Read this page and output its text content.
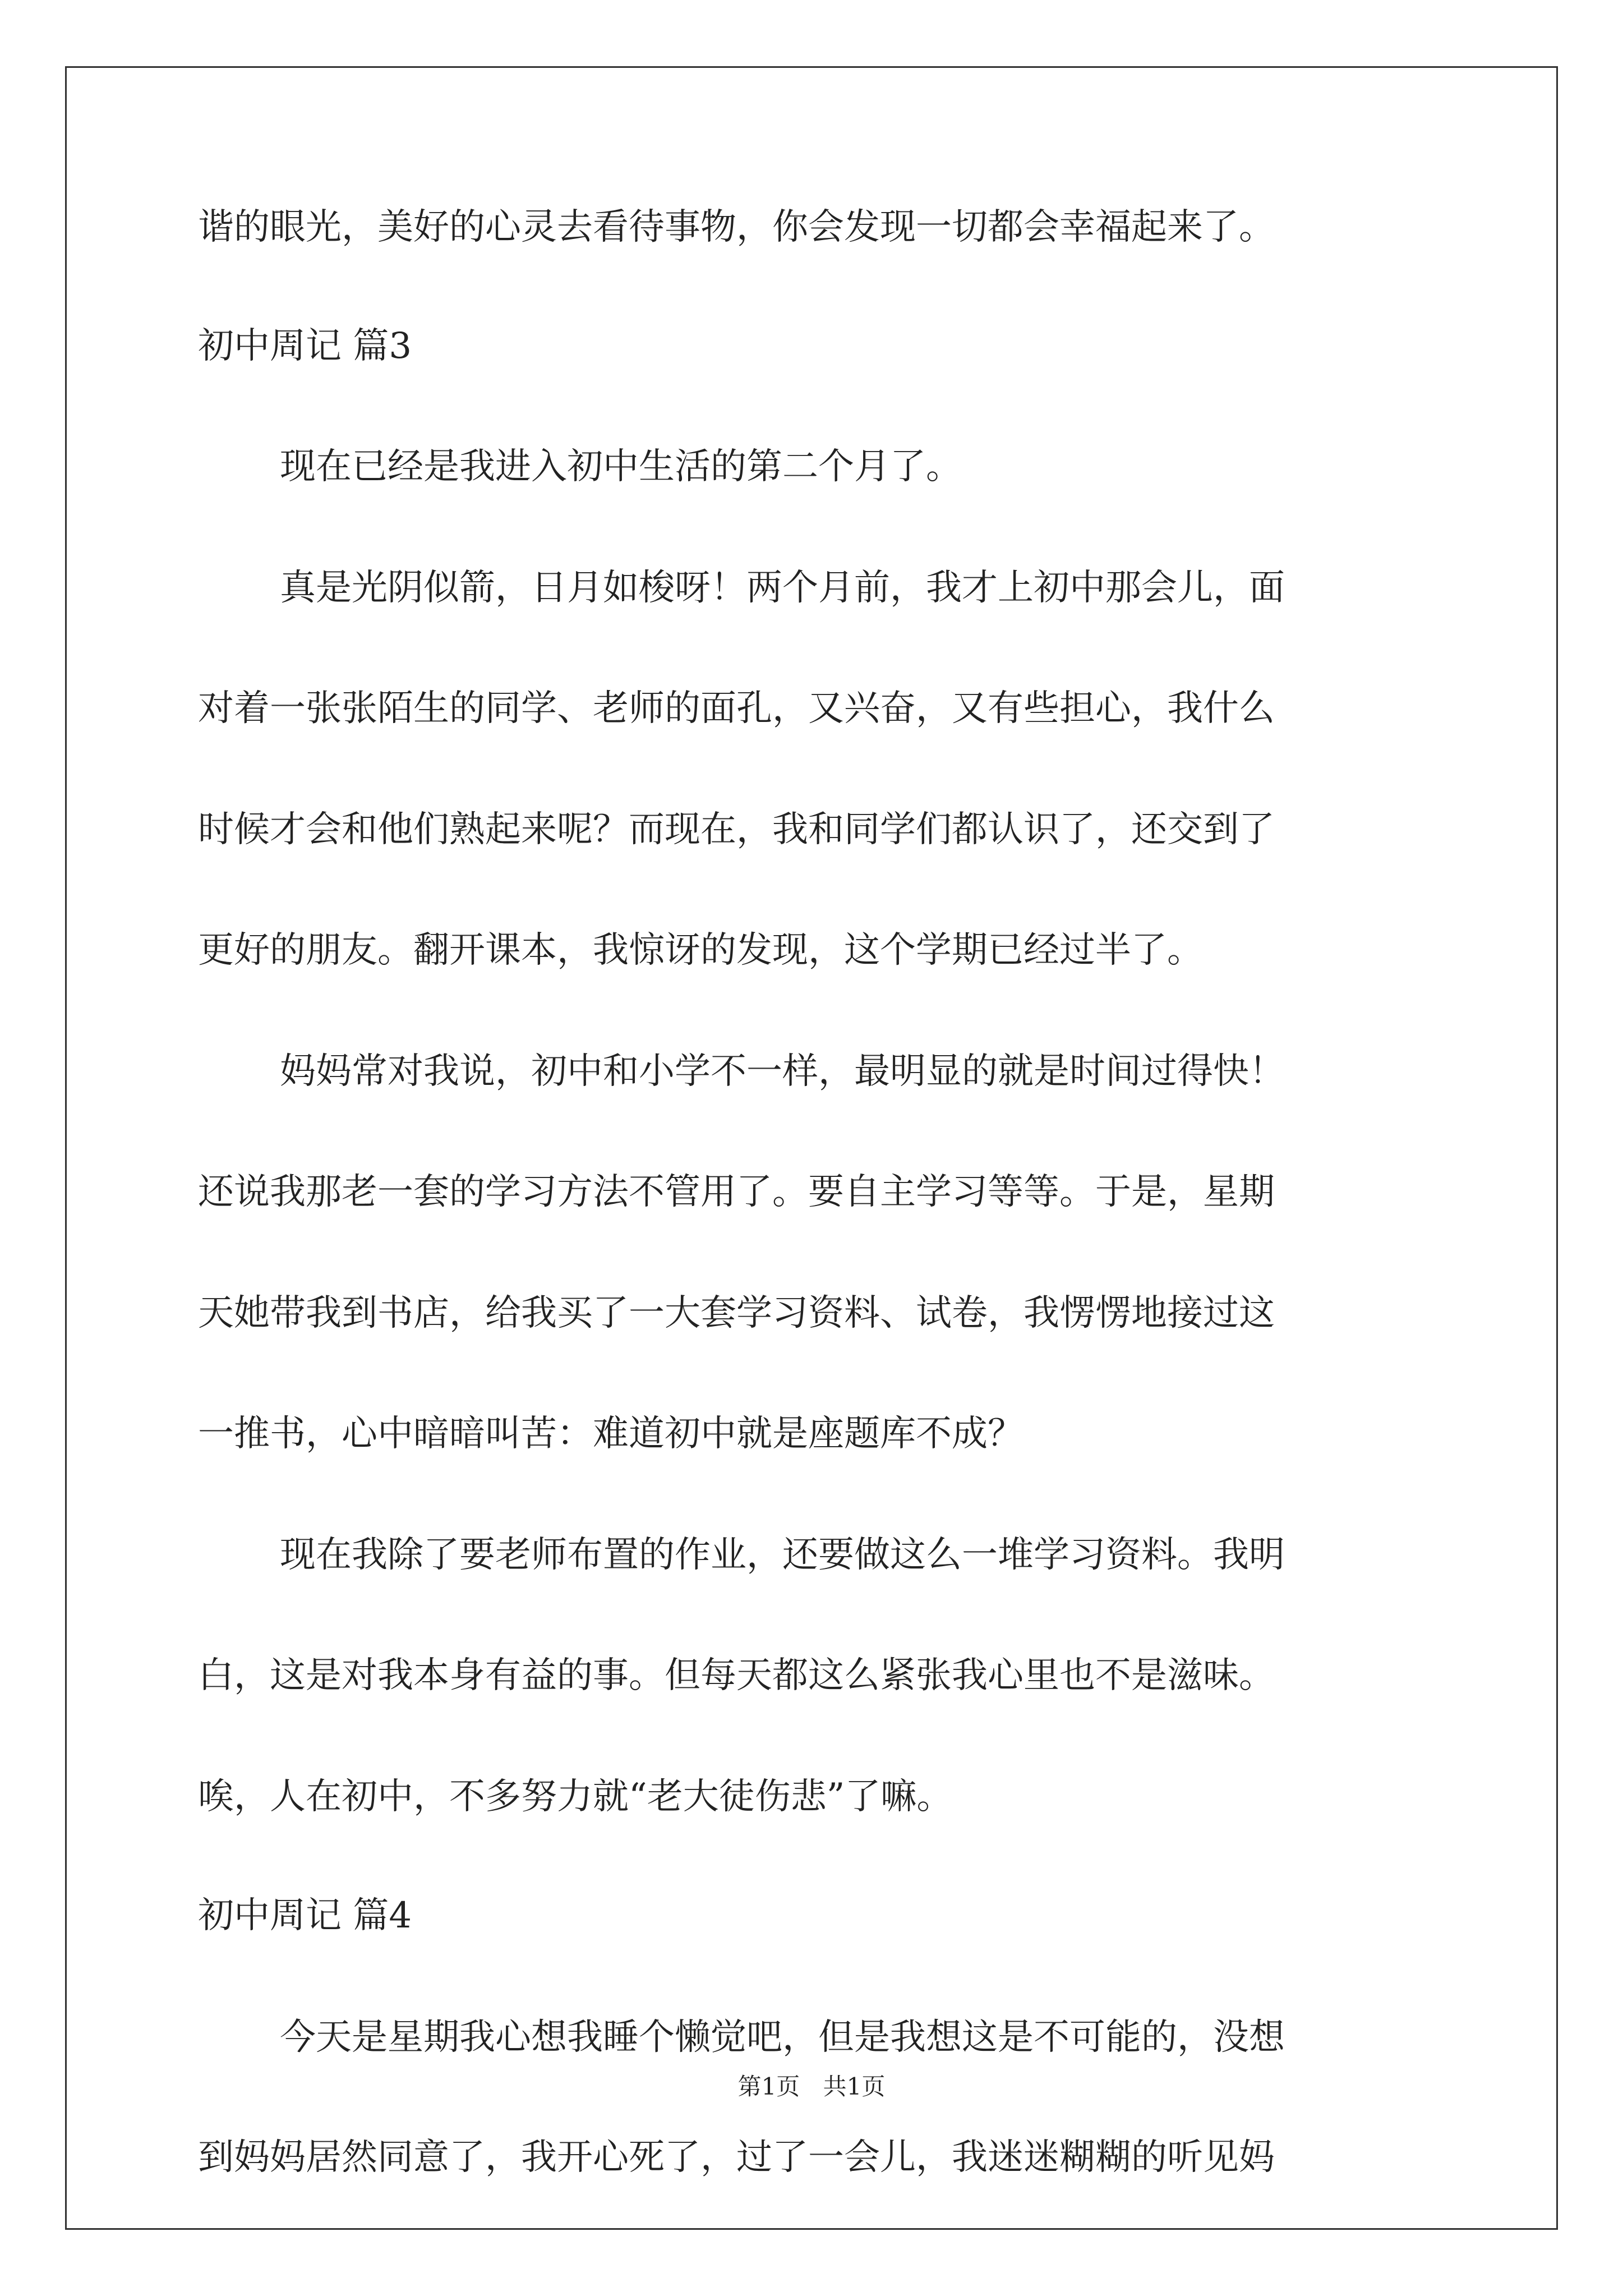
谐的眼光，美好的心灵去看待事物，你会发现一切都会幸福起来了。
初中周记 篇3
现在已经是我进入初中生活的第二个月了。
真是光阴似箭，日月如梭呀！两个月前，我才上初中那会儿，面
对着一张张陌生的同学、老师的面孔，又兴奋，又有些担心，我什么
时候才会和他们熟起来呢？而现在，我和同学们都认识了，还交到了
更好的朋友。翻开课本，我惊讶的发现，这个学期已经过半了。
妈妈常对我说，初中和小学不一样，最明显的就是时间过得快！
还说我那老一套的学习方法不管用了。要自主学习等等。于是，星期
天她带我到书店，给我买了一大套学习资料、试卷，我愣愣地接过这
一推书，心中暗暗叫苦：难道初中就是座题库不成？
现在我除了要老师布置的作业，还要做这么一堆学习资料。我明
白，这是对我本身有益的事。但每天都这么紧张我心里也不是滋味。
唉，人在初中，不多努力就“老大徒伤悲”了嘛。
初中周记 篇4
今天是星期我心想我睡个懒觉吧，但是我想这是不可能的，没想
到妈妈居然同意了，我开心死了，过了一会儿，我迷迷糊糊的听见妈
第1页 共1页
